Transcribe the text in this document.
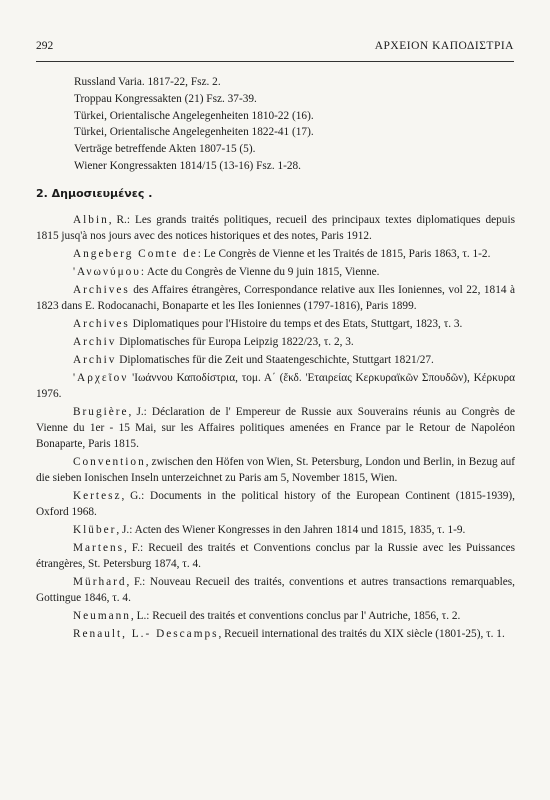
292	ΑΡΧΕΙΟΝ ΚΑΠΟΔΙΣΤΡΙΑ
Russland Varia. 1817-22, Fsz. 2.
Troppau Kongressakten (21) Fsz. 37-39.
Türkei, Orientalische Angelegenheiten 1810-22 (16).
Türkei, Orientalische Angelegenheiten 1822-41 (17).
Verträge betreffende Akten 1807-15 (5).
Wiener Kongressakten 1814/15 (13-16) Fsz. 1-28.
2. Δημοσιευμένες .

Albin, R.: Les grands traités politiques, recueil des principaux textes diplomatiques depuis 1815 jusq'à nos jours avec des notices historiques et des notes, Paris 1912.

Angeberg Comte de: Le Congrès de Vienne et les Traités de 1815, Paris 1863, τ. 1-2.

'Ανωνύμου: Acte du Congrès de Vienne du 9 juin 1815, Vienne.

Archives des Affaires étrangères, Correspondance relative aux Iles Ioniennes, vol 22, 1814 à 1823 dans E. Rodocanachi, Bonaparte et les Iles Ioniennes (1797-1816), Paris 1899.

Archives Diplomatiques pour l'Histoire du temps et des Etats, Stuttgart, 1823, τ. 3.

Archiv Diplomatisches für Europa Leipzig 1822/23, τ. 2, 3.

Archiv Diplomatisches für die Zeit und Staatengeschichte, Stuttgart 1821/27.

'Αρχεῖον 'Ιωάννου Καποδίστρια, τομ. Α΄ (ἔκδ. 'Εταιρείας Κερκυραϊκῶν Σπουδῶν), Κέρκυρα 1976.

Brugière, J.: Déclaration de l' Empereur de Russie aux Souverains réunis au Congrès de Vienne du 1er - 15 Mai, sur les Affaires politiques amenées en France par le Retour de Napoléon Bonaparte, Paris 1815.

Convention, zwischen den Höfen von Wien, St. Petersburg, London und Berlin, in Bezug auf die sieben Ionischen Inseln unterzeichnet zu Paris am 5, November 1815, Wien.

Kertesz, G.: Documents in the political history of the European Continent (1815-1939), Oxford 1968.

Klüber, J.: Acten des Wiener Kongresses in den Jahren 1814 und 1815, 1835, τ. 1-9.

Martens, F.: Recueil des traités et Conventions conclus par la Russie avec les Puissances étrangères, St. Petersburg 1874, τ. 4.

Mürhard, F.: Nouveau Recueil des traités, conventions et autres transactions remarquables, Gottingue 1846, τ. 4.

Neumann, L.: Recueil des traités et conventions conclus par l' Autriche, 1856, τ. 2.

Renault, L.- Descamps, Recueil international des traités du XIX siècle (1801-25), τ. 1.
